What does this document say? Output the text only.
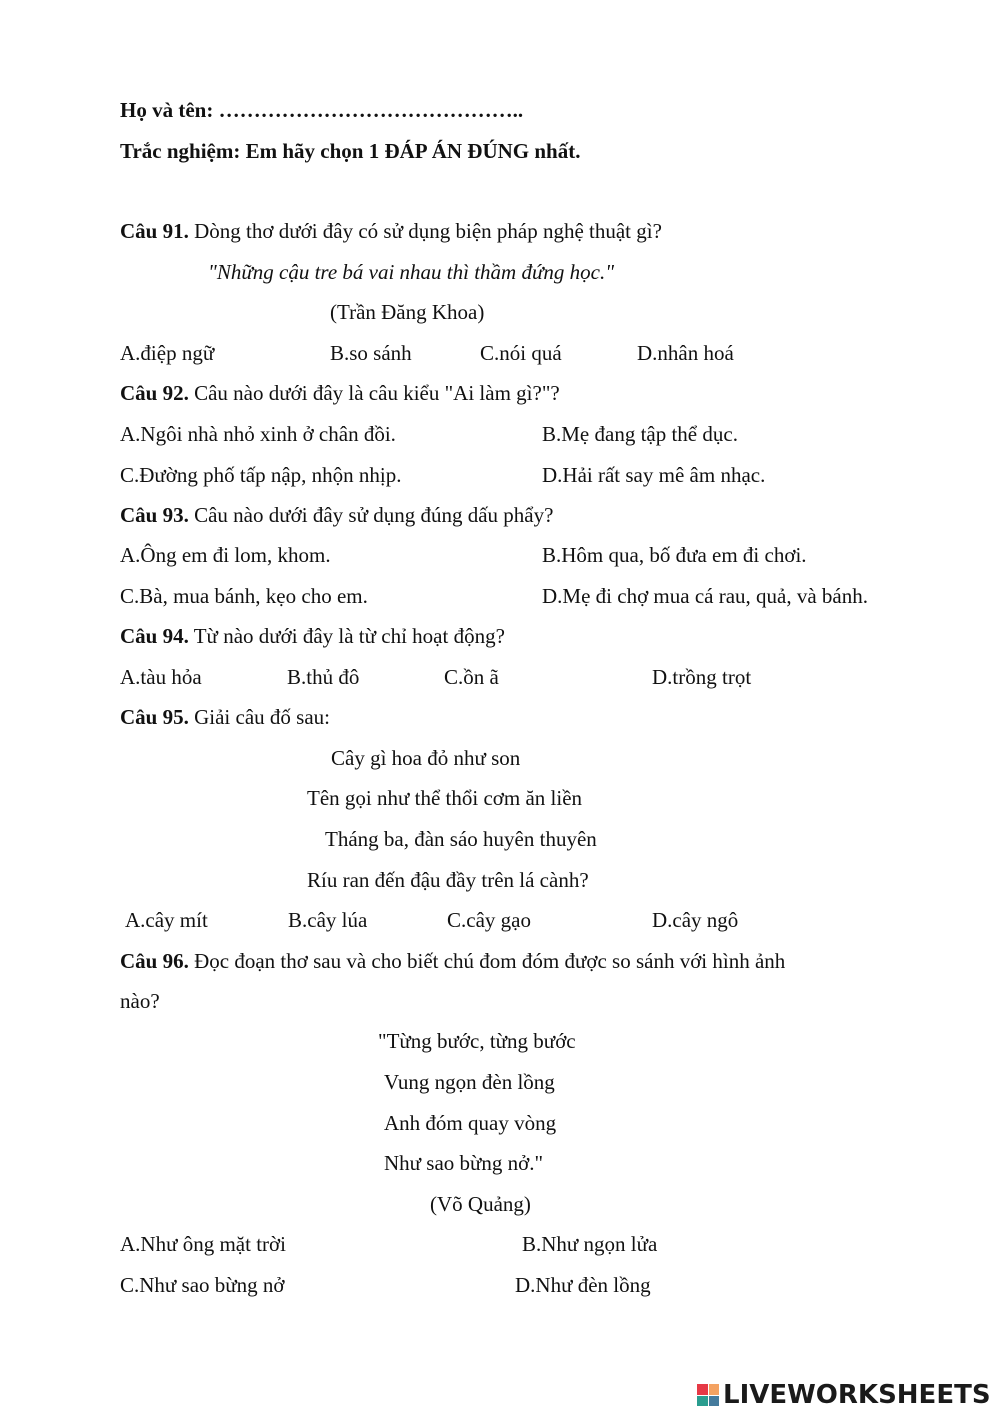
Họ và tên: ……………………………………..
Trắc nghiệm: Em hãy chọn 1 ĐÁP ÁN ĐÚNG nhất.
Câu 91. Dòng thơ dưới đây có sử dụng biện pháp nghệ thuật gì?
"Những cậu tre bá vai nhau thì thầm đứng học."
(Trần Đăng Khoa)
A.điệp ngữ	B.so sánh	C.nói quá	D.nhân hoá
Câu 92. Câu nào dưới đây là câu kiểu "Ai làm gì?"?
A.Ngôi nhà nhỏ xinh ở chân đồi.	B.Mẹ đang tập thể dục.
C.Đường phố tấp nập, nhộn nhịp.	D.Hải rất say mê âm nhạc.
Câu 93. Câu nào dưới đây sử dụng đúng dấu phẩy?
A.Ông em đi lom, khom.	B.Hôm qua, bố đưa em đi chơi.
C.Bà, mua bánh, kẹo cho em.	D.Mẹ đi chợ mua cá rau, quả, và bánh.
Câu 94. Từ nào dưới đây là từ chỉ hoạt động?
A.tàu hỏa	B.thủ đô	C.ồn ã	D.trồng trọt
Câu 95. Giải câu đố sau:
Cây gì hoa đỏ như son
Tên gọi như thể thổi cơm ăn liền
Tháng ba, đàn sáo huyên thuyên
Ríu ran đến đậu đầy trên lá cành?
A.cây mít	B.cây lúa	C.cây gạo	D.cây ngô
Câu 96. Đọc đoạn thơ sau và cho biết chú đom đóm được so sánh với hình ảnh
nào?
"Từng bước, từng bước
Vung ngọn đèn lồng
Anh đóm quay vòng
Như sao bừng nở."
(Võ Quảng)
A.Như ông mặt trời	B.Như ngọn lửa
C.Như sao bừng nở	D.Như đèn lồng
LIVEWORKSHEETS
